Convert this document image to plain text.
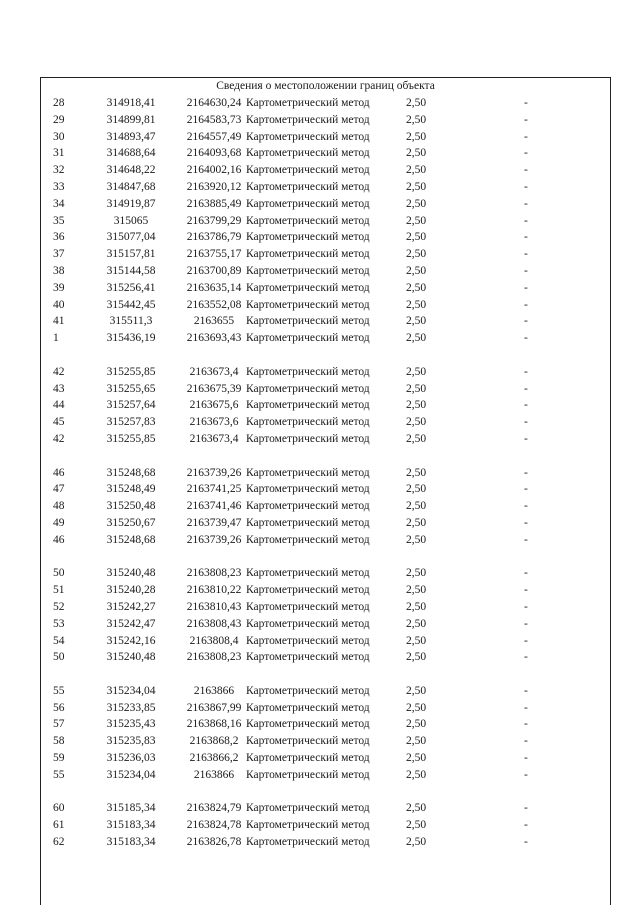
Сведения о местоположении границ объекта
28	314918,41	2164630,24 Картометрический метод	2,50	-
29	314899,81	2164583,73 Картометрический метод	2,50	-
30	314893,47	2164557,49 Картометрический метод	2,50	-
31	314688,64	2164093,68 Картометрический метод	2,50	-
32	314648,22	2164002,16 Картометрический метод	2,50	-
33	314847,68	2163920,12 Картометрический метод	2,50	-
34	314919,87	2163885,49 Картометрический метод	2,50	-
35	315065	2163799,29 Картометрический метод	2,50	-
36	315077,04	2163786,79 Картометрический метод	2,50	-
37	315157,81	2163755,17 Картометрический метод	2,50	-
38	315144,58	2163700,89 Картометрический метод	2,50	-
39	315256,41	2163635,14 Картометрический метод	2,50	-
40	315442,45	2163552,08 Картометрический метод	2,50	-
41	315511,3	2163655	Картометрический метод	2,50	-
1	315436,19	2163693,43 Картометрический метод	2,50	-
42	315255,85	2163673,4 Картометрический метод	2,50	-
43	315255,65	2163675,39 Картометрический метод	2,50	-
44	315257,64	2163675,6 Картометрический метод	2,50	-
45	315257,83	2163673,6 Картометрический метод	2,50	-
42	315255,85	2163673,4 Картометрический метод	2,50	-
46	315248,68	2163739,26 Картометрический метод	2,50	-
47	315248,49	2163741,25 Картометрический метод	2,50	-
48	315250,48	2163741,46 Картометрический метод	2,50	-
49	315250,67	2163739,47 Картометрический метод	2,50	-
46	315248,68	2163739,26 Картометрический метод	2,50	-
50	315240,48	2163808,23 Картометрический метод	2,50	-
51	315240,28	2163810,22 Картометрический метод	2,50	-
52	315242,27	2163810,43 Картометрический метод	2,50	-
53	315242,47	2163808,43 Картометрический метод	2,50	-
54	315242,16	2163808,4 Картометрический метод	2,50	-
50	315240,48	2163808,23 Картометрический метод	2,50	-
55	315234,04	2163866	Картометрический метод	2,50	-
56	315233,85	2163867,99 Картометрический метод	2,50	-
57	315235,43	2163868,16 Картометрический метод	2,50	-
58	315235,83	2163868,2 Картометрический метод	2,50	-
59	315236,03	2163866,2 Картометрический метод	2,50	-
55	315234,04	2163866	Картометрический метод	2,50	-
60	315185,34	2163824,79 Картометрический метод	2,50	-
61	315183,34	2163824,78 Картометрический метод	2,50	-
62	315183,34	2163826,78 Картометрический метод	2,50	-
